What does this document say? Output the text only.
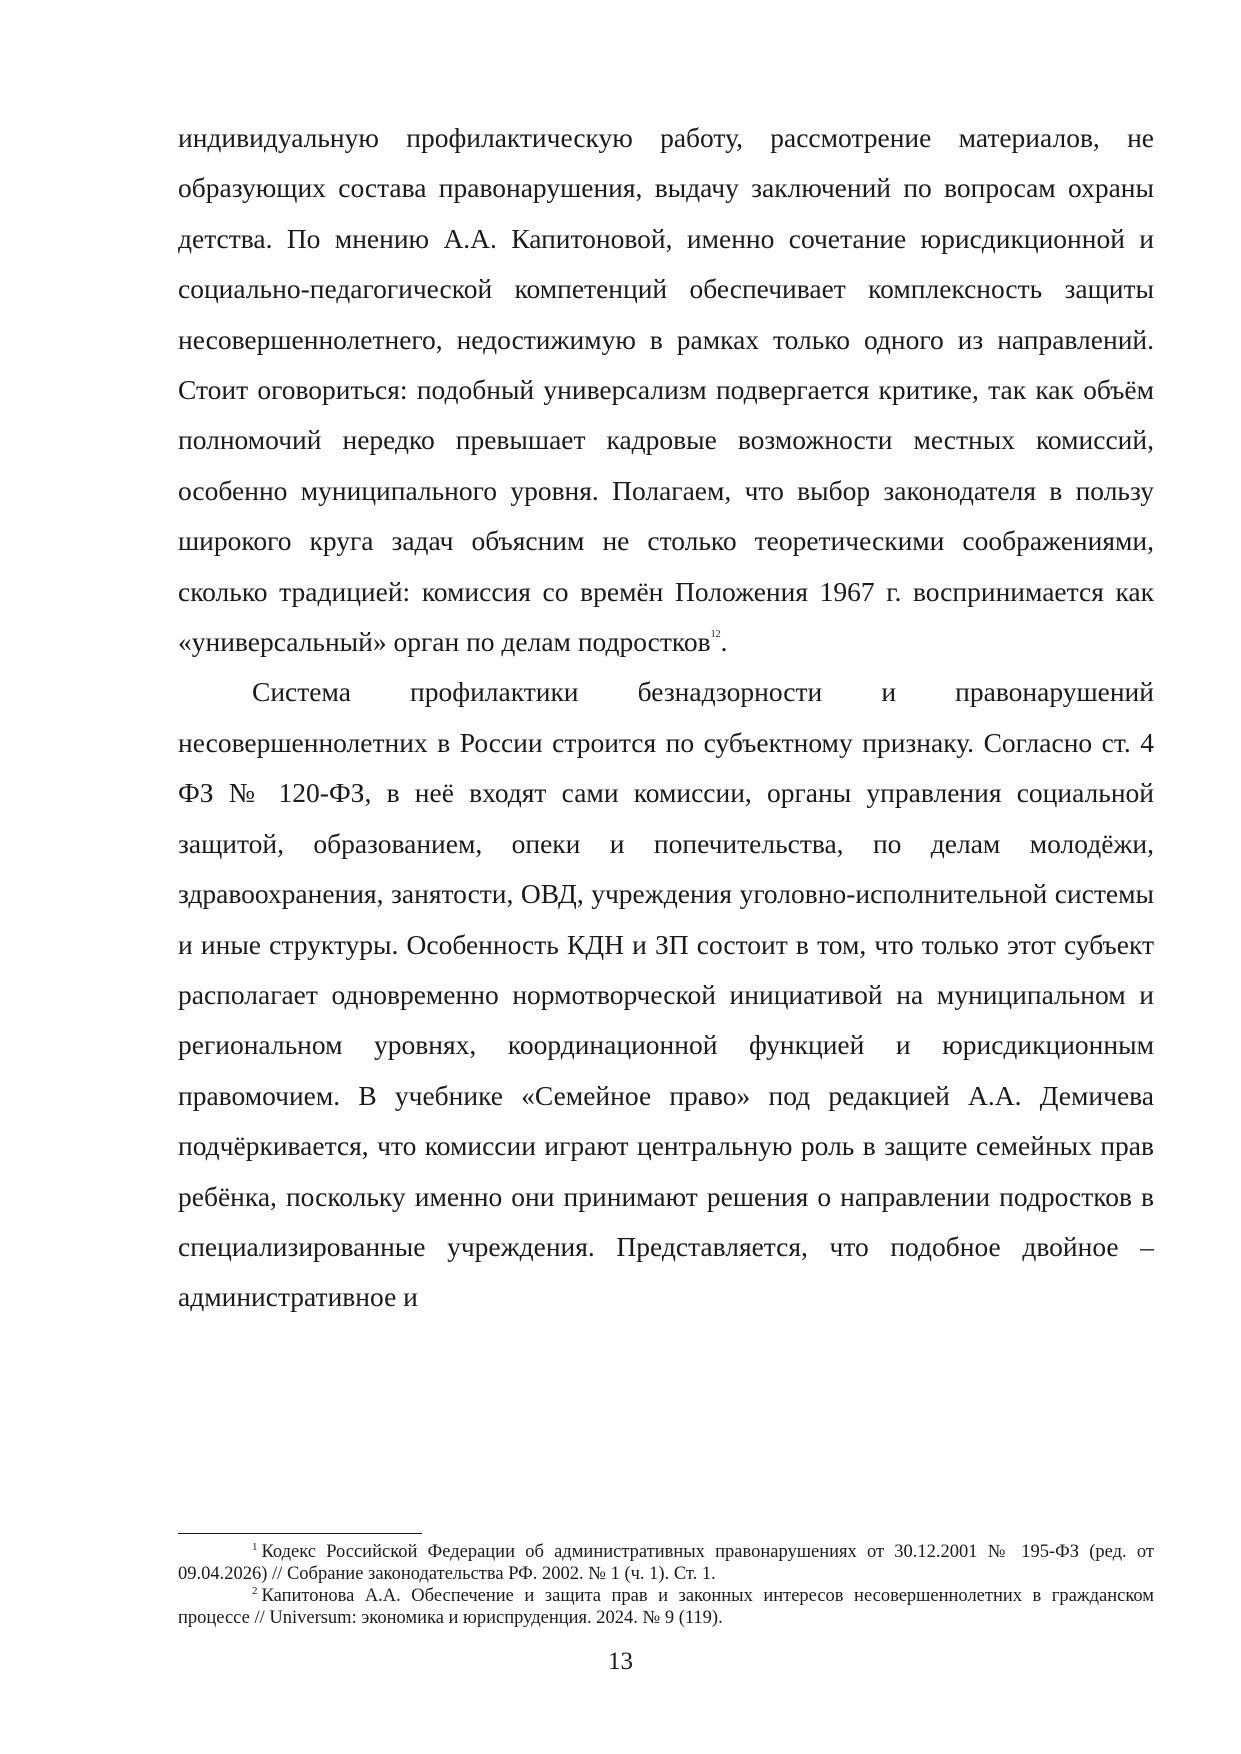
индивидуальную профилактическую работу, рассмотрение материалов, не образующих состава правонарушения, выдачу заключений по вопросам охраны детства. По мнению А.А. Капитоновой, именно сочетание юрисдикционной и социально-педагогической компетенций обеспечивает комплексность защиты несовершеннолетнего, недостижимую в рамках только одного из направлений. Стоит оговориться: подобный универсализм подвергается критике, так как объём полномочий нередко превышает кадровые возможности местных комиссий, особенно муниципального уровня. Полагаем, что выбор законодателя в пользу широкого круга задач объясним не столько теоретическими соображениями, сколько традицией: комиссия со времён Положения 1967 г. воспринимается как «универсальный» орган по делам подростков$^{12}$.

Система профилактики безнадзорности и правонарушений несовершеннолетних в России строится по субъектному признаку. Согласно ст. 4 ФЗ № 120-ФЗ, в неё входят сами комиссии, органы управления социальной защитой, образованием, опеки и попечительства, по делам молодёжи, здравоохранения, занятости, ОВД, учреждения уголовно-исполнительной системы и иные структуры. Особенность КДН и ЗП состоит в том, что только этот субъект располагает одновременно нормотворческой инициативой на муниципальном и региональном уровнях, координационной функцией и юрисдикционным правомочием. В учебнике «Семейное право» под редакцией А.А. Демичева подчёркивается, что комиссии играют центральную роль в защите семейных прав ребёнка, поскольку именно они принимают решения о направлении подростков в специализированные учреждения. Представляется, что подобное двойное – административное и

$^1$ Кодекс Российской Федерации об административных правонарушениях от 30.12.2001 № 195-ФЗ (ред. от 09.04.2026) // Собрание законодательства РФ. 2002. № 1 (ч. 1). Ст. 1.

$^2$ Капитонова А.А. Обеспечение и защита прав и законных интересов несовершеннолетних в гражданском процессе // Universum: экономика и юриспруденция. 2024. № 9 (119).

13
